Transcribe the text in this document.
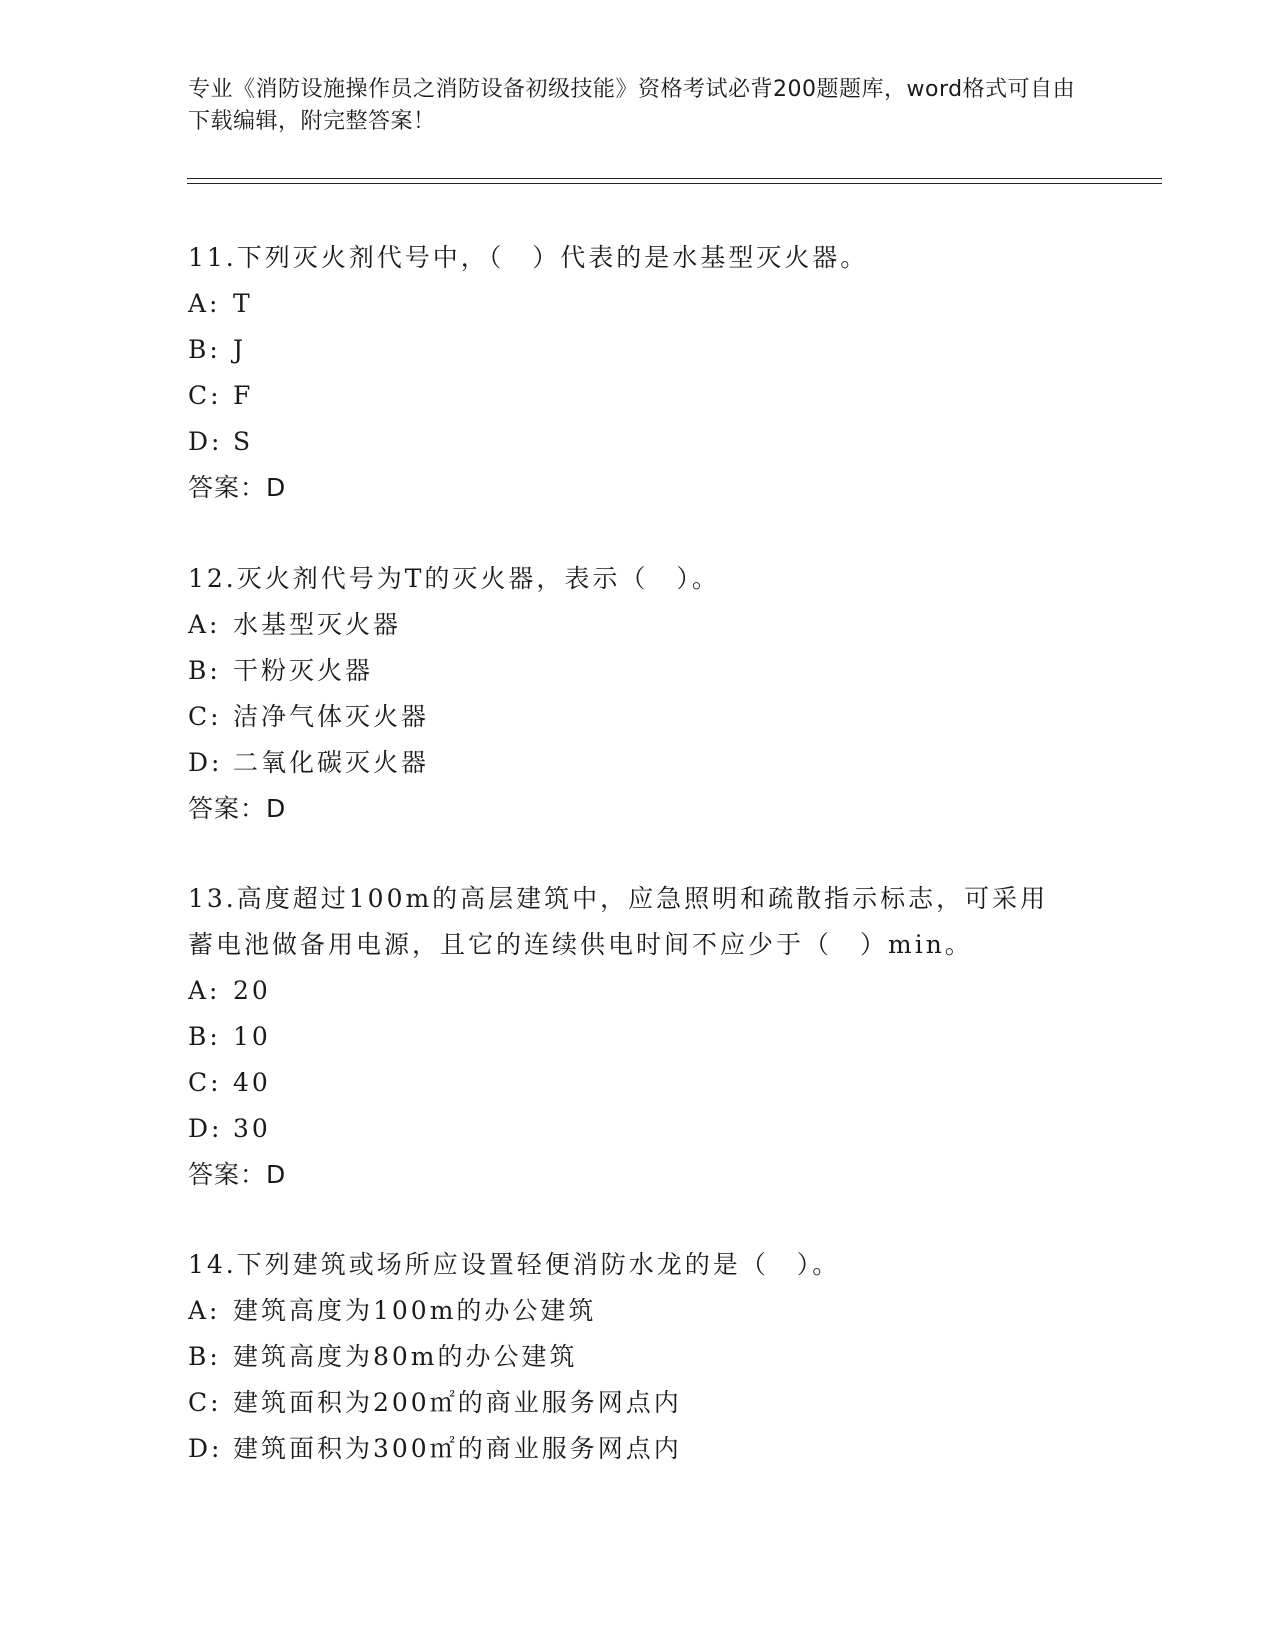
专业《消防设施操作员之消防设备初级技能》资格考试必背200题题库，word格式可自由下载编辑，附完整答案！

11.下列灭火剂代号中，（　）代表的是水基型灭火器。

A: T
B: J
C: F
D: S
答案：D

12.灭火剂代号为T的灭火器，表示（　）。

A: 水基型灭火器
B: 干粉灭火器
C: 洁净气体灭火器
D: 二氧化碳灭火器
答案：D

13.高度超过100m的高层建筑中，应急照明和疏散指示标志，可采用蓄电池做备用电源，且它的连续供电时间不应少于（　）min。

A: 20
B: 10
C: 40
D: 30
答案：D

14.下列建筑或场所应设置轻便消防水龙的是（　）。

A: 建筑高度为100m的办公建筑
B: 建筑高度为80m的办公建筑
C: 建筑面积为200㎡的商业服务网点内
D: 建筑面积为300㎡的商业服务网点内
